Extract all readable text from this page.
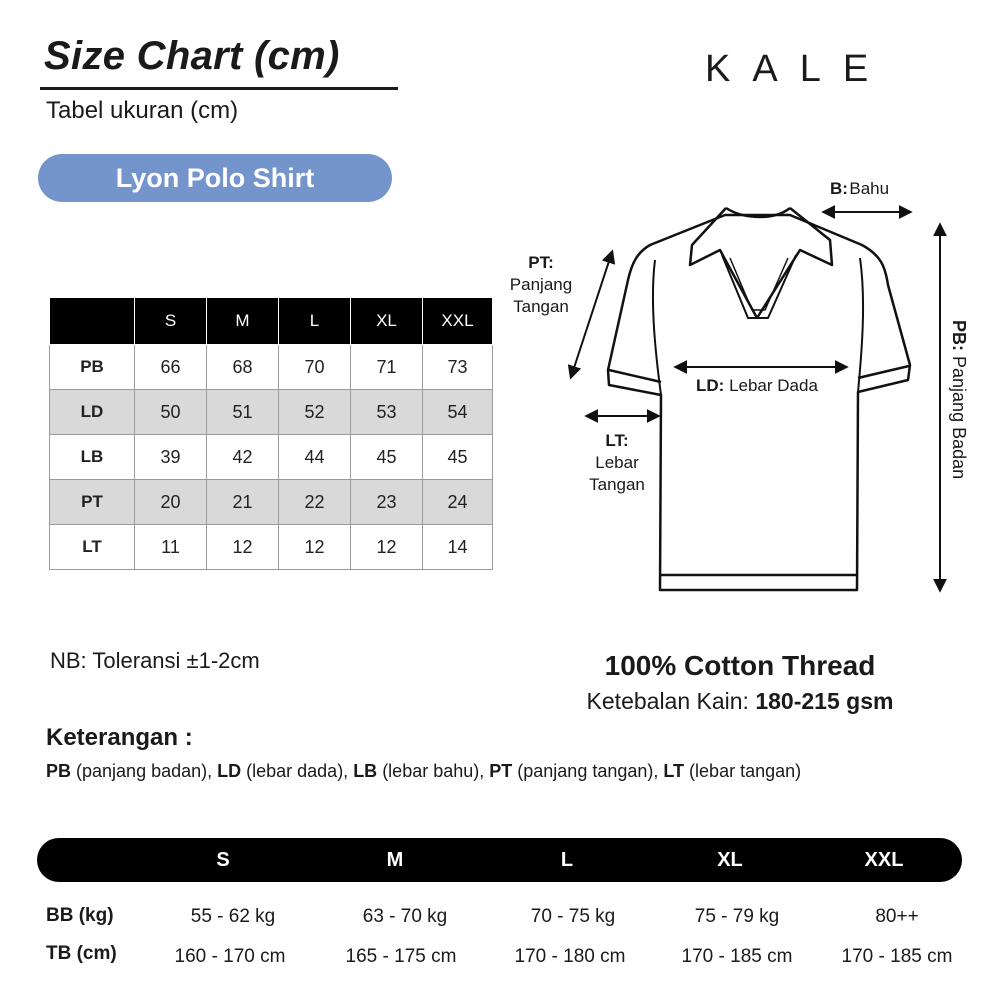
Size Chart (cm)
Tabel ukuran (cm)
KALE
Lyon Polo Shirt
	S	M	L	XL	XXL
PB	66	68	70	71	73
LD	50	51	52	53	54
LB	39	42	44	45	45
PT	20	21	22	23	24
LT	11	12	12	12	14
B: Bahu
PT:
Panjang
Tangan
LD: Lebar Dada
LT:
Lebar
Tangan
PB: Panjang Badan
NB: Toleransi ±1-2cm	100% Cotton Thread
Ketebalan Kain: 180-215 gsm
Keterangan :
PB (panjang badan), LD (lebar dada), LB (lebar bahu), PT (panjang tangan), LT (lebar tangan)
S	M	L	XL	XXL
BB (kg)	55 - 62 kg	63 - 70 kg	70 - 75 kg	75 - 79 kg	80++
TB (cm)	160 - 170 cm	165 - 175 cm	170 - 180 cm	170 - 185 cm	170 - 185 cm
